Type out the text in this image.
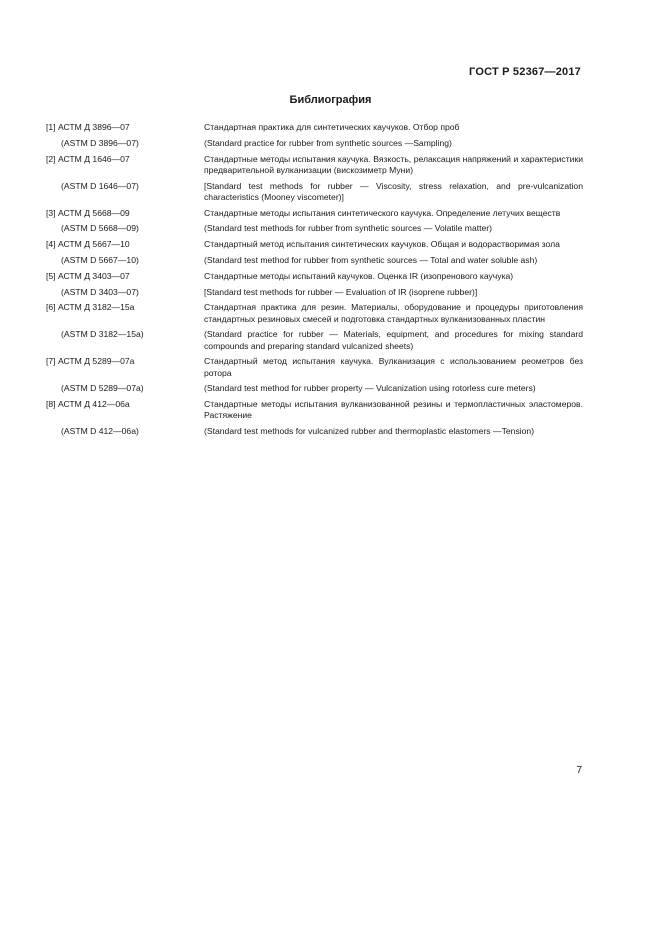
ГОСТ Р 52367—2017
Библиография
[1] АСТМ Д 3896—07	Стандартная практика для синтетических каучуков. Отбор проб
(ASTM D 3896—07)	(Standard practice for rubber from synthetic sources —Sampling)
[2] АСТМ Д 1646—07	Стандартные методы испытания каучука. Вязкость, релаксация напряжений и характеристики предварительной вулканизации (вискозиметр Муни)
(ASTM D 1646—07)	[Standard test methods for rubber — Viscosity, stress relaxation, and pre-vulcanization characteristics (Mooney viscometer)]
[3] АСТМ Д 5668—09	Стандартные методы испытания синтетического каучука. Определение летучих веществ
(ASTM D 5668—09)	(Standard test methods for rubber from synthetic sources — Volatile matter)
[4] АСТМ Д 5667—10	Стандартный метод испытания синтетических каучуков. Общая и водорастворимая зола
(ASTM D 5667—10)	(Standard test method for rubber from synthetic sources — Total and water soluble ash)
[5] АСТМ Д 3403—07	Стандартные методы испытаний каучуков. Оценка IR (изопренового каучука)
(ASTM D 3403—07)	[Standard test methods for rubber — Evaluation of IR (isoprene rubber)]
[6] АСТМ Д 3182—15a	Стандартная практика для резин. Материалы, оборудование и процедуры приготовления стандартных резиновых смесей и подготовка стандартных вулканизованных пластин
(ASTM D 3182—15a)	(Standard practice for rubber — Materials, equipment, and procedures for mixing standard compounds and preparing standard vulcanized sheets)
[7] АСТМ Д 5289—07a	Стандартный метод испытания каучука. Вулканизация с использованием реометров без ротора
(ASTM D 5289—07a)	(Standard test method for rubber property — Vulcanization using rotorless cure meters)
[8] АСТМ Д 412—06a	Стандартные методы испытания вулканизованной резины и термопластичных эластомеров. Растяжение
(ASTM D 412—06a)	(Standard test methods for vulcanized rubber and thermoplastic elastomers —Tension)
7
